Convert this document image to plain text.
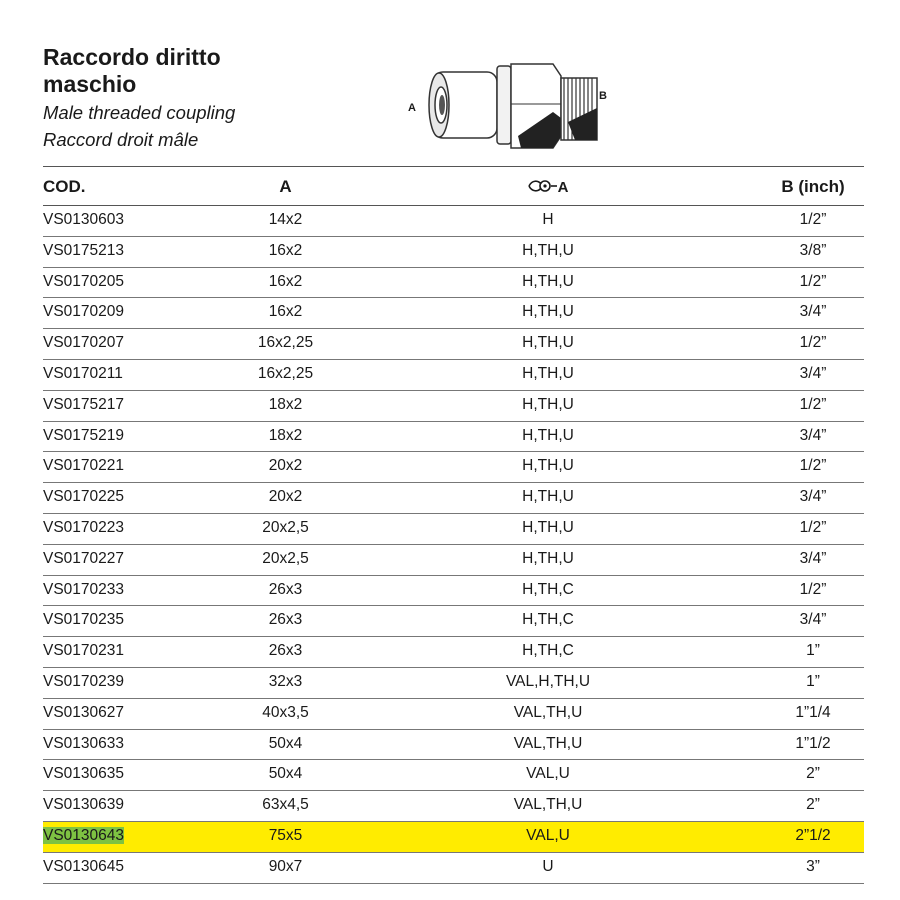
Raccordo diritto
maschio
Male threaded coupling
Raccord droit mâle
A
B
COD.	A	A	B (inch)
VS0130603	14x2	H	1/2”
VS0175213	16x2	H,TH,U	3/8”
VS0170205	16x2	H,TH,U	1/2”
VS0170209	16x2	H,TH,U	3/4”
VS0170207	16x2,25	H,TH,U	1/2”
VS0170211	16x2,25	H,TH,U	3/4”
VS0175217	18x2	H,TH,U	1/2”
VS0175219	18x2	H,TH,U	3/4”
VS0170221	20x2	H,TH,U	1/2”
VS0170225	20x2	H,TH,U	3/4”
VS0170223	20x2,5	H,TH,U	1/2”
VS0170227	20x2,5	H,TH,U	3/4”
VS0170233	26x3	H,TH,C	1/2”
VS0170235	26x3	H,TH,C	3/4”
VS0170231	26x3	H,TH,C	1”
VS0170239	32x3	VAL,H,TH,U	1”
VS0130627	40x3,5	VAL,TH,U	1”1/4
VS0130633	50x4	VAL,TH,U	1”1/2
VS0130635	50x4	VAL,U	2”
VS0130639	63x4,5	VAL,TH,U	2”
VS0130643	75x5	VAL,U	2”1/2
VS0130645	90x7	U	3”
